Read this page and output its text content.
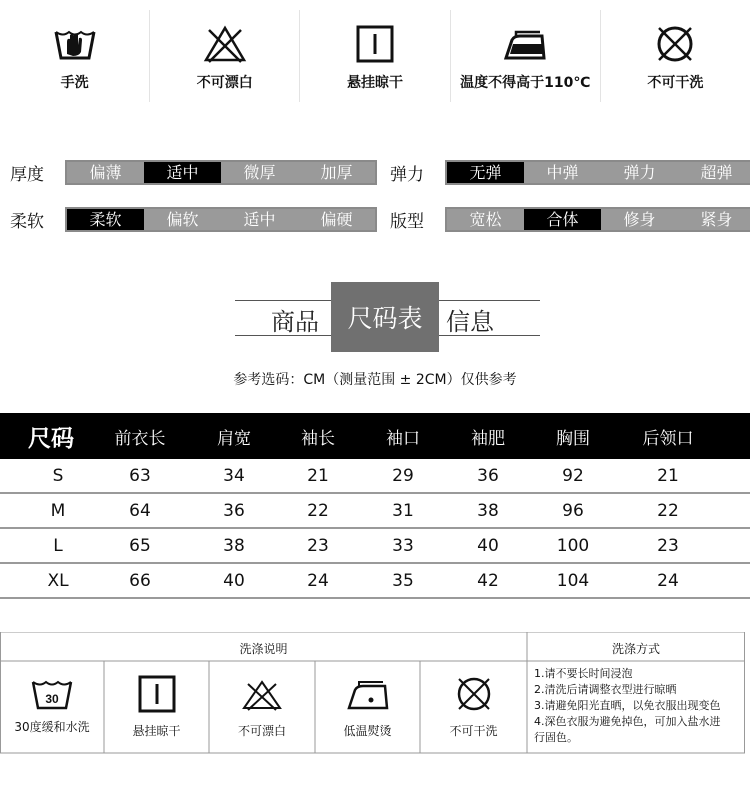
手洗	不可漂白	悬挂晾干	温度不得高于110℃	不可干洗
厚度	偏薄	适中	微厚	加厚	弹力	无弹	中弹	弹力	超弹
柔软	柔软	偏软	适中	偏硬	版型	宽松	合体	修身	紧身
商品	尺码表 信息
参考选码：CM（测量范围 ± 2CM）仅供参考
尺码	前衣长	肩宽	袖长	袖口	袖肥	胸围	后领口
S	63	34	21	29	36	92	21
M	64	36	22	31	38	96	22
L	65	38	23	33	40	100	23
XL	66	40	24	35	42	104	24
洗涤说明	洗涤方式
30
30度缓和水洗	悬挂晾干	不可漂白	低温熨烫	不可干洗
1.请不要长时间浸泡
2.清洗后请调整衣型进行晾晒
3.请避免阳光直晒，以免衣服出现变色
4.深色衣服为避免掉色，可加入盐水进
行固色。
